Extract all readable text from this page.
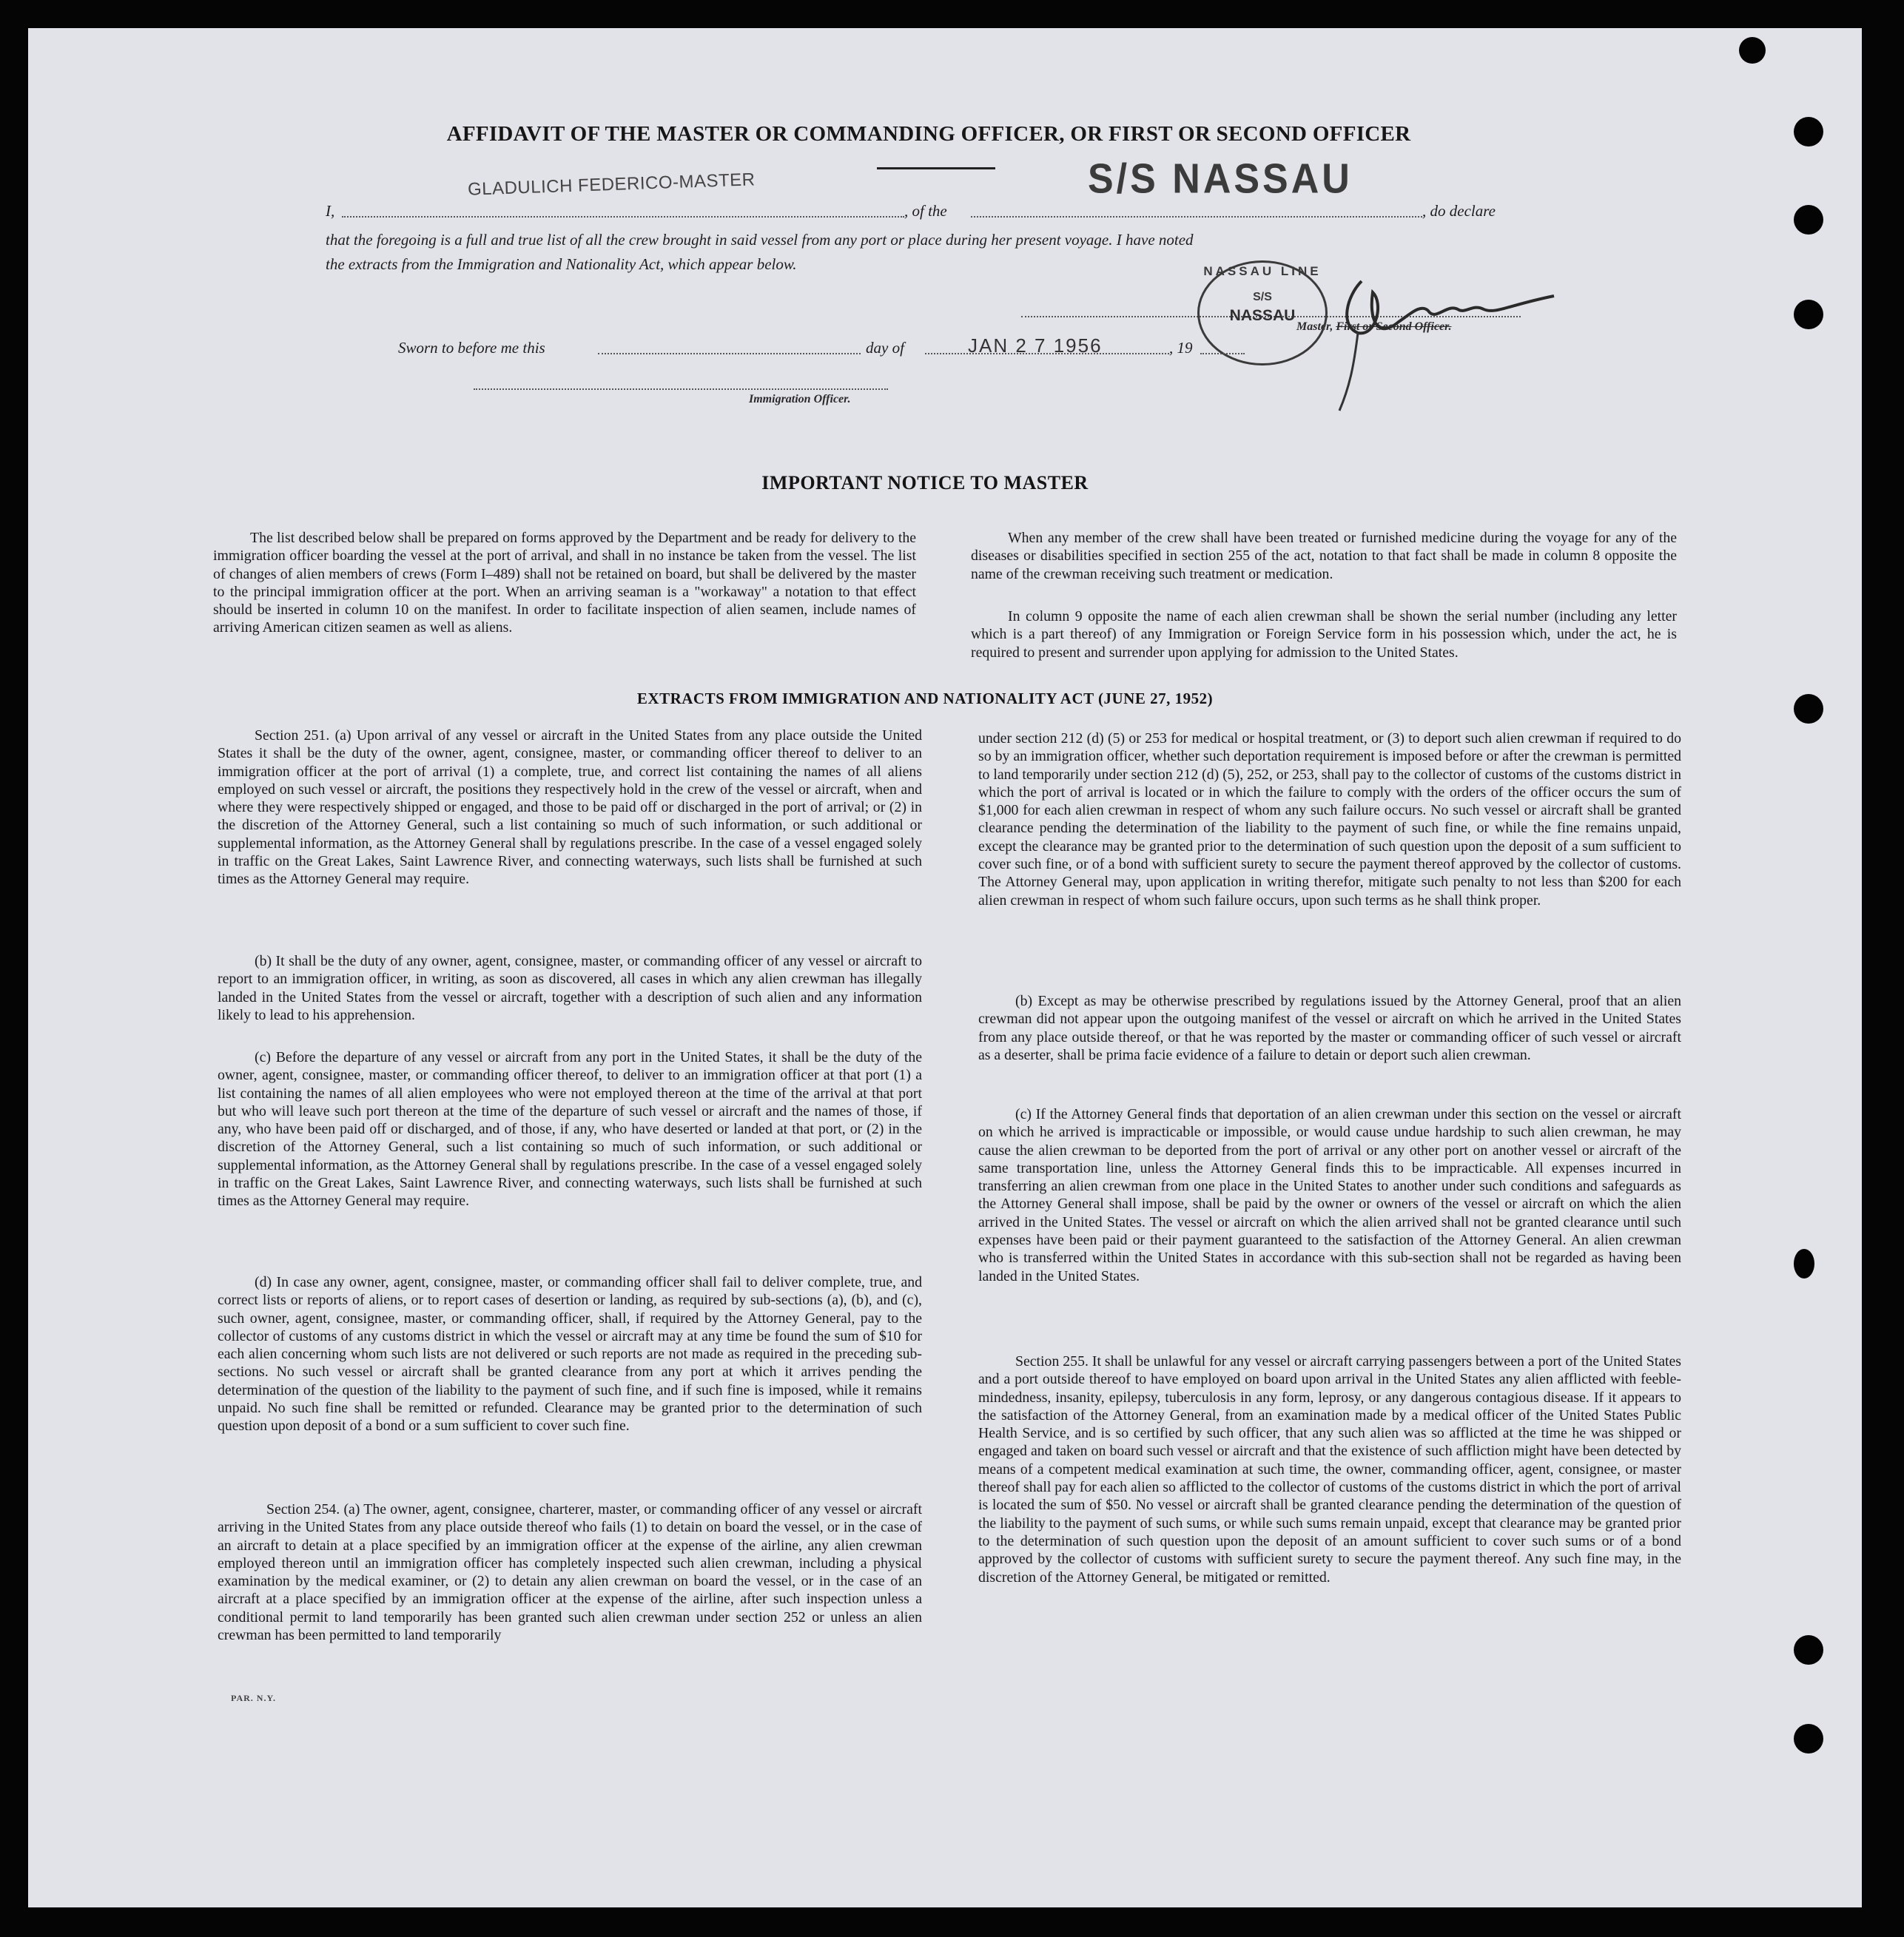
AFFIDAVIT OF THE MASTER OR COMMANDING OFFICER, OR FIRST OR SECOND OFFICER
I,
GLADULICH FEDERICO-MASTER
, of the
S/S NASSAU
, do declare
that the foregoing is a full and true list of all the crew brought in said vessel from any port or place during her present voyage. I have noted
the extracts from the Immigration and Nationality Act, which appear below.
Master, First or Second Officer.
NASSAU LINE
S/S
NASSAU
Sworn to before me this	day of	JAN 2 7 1956	, 19
Immigration Officer.
IMPORTANT NOTICE TO MASTER

The list described below shall be prepared on forms approved by the Department and be ready for delivery to the immigration officer boarding the vessel at the port of arrival, and shall in no instance be taken from the vessel. The list of changes of alien members of crews (Form I–489) shall not be retained on board, but shall be delivered by the master to the principal immigration officer at the port. When an arriving seaman is a "workaway" a notation to that effect should be inserted in column 10 on the manifest. In order to facilitate inspection of alien seamen, include names of arriving American citizen seamen as well as aliens.

When any member of the crew shall have been treated or furnished medicine during the voyage for any of the diseases or disabilities specified in section 255 of the act, notation to that fact shall be made in column 8 opposite the name of the crewman receiving such treatment or medication.

In column 9 opposite the name of each alien crewman shall be shown the serial number (including any letter which is a part thereof) of any Immigration or Foreign Service form in his possession which, under the act, he is required to present and surrender upon applying for admission to the United States.

EXTRACTS FROM IMMIGRATION AND NATIONALITY ACT (JUNE 27, 1952)

Section 251. (a) Upon arrival of any vessel or aircraft in the United States from any place outside the United States it shall be the duty of the owner, agent, consignee, master, or commanding officer thereof to deliver to an immigration officer at the port of arrival (1) a complete, true, and correct list containing the names of all aliens employed on such vessel or aircraft, the positions they respectively hold in the crew of the vessel or aircraft, when and where they were respectively shipped or engaged, and those to be paid off or discharged in the port of arrival; or (2) in the discretion of the Attorney General, such a list containing so much of such information, or such additional or supplemental information, as the Attorney General shall by regulations prescribe. In the case of a vessel engaged solely in traffic on the Great Lakes, Saint Lawrence River, and connecting waterways, such lists shall be furnished at such times as the Attorney General may require.

(b) It shall be the duty of any owner, agent, consignee, master, or commanding officer of any vessel or aircraft to report to an immigration officer, in writing, as soon as discovered, all cases in which any alien crewman has illegally landed in the United States from the vessel or aircraft, together with a description of such alien and any information likely to lead to his apprehension.

(c) Before the departure of any vessel or aircraft from any port in the United States, it shall be the duty of the owner, agent, consignee, master, or commanding officer thereof, to deliver to an immigration officer at that port (1) a list containing the names of all alien employees who were not employed thereon at the time of the arrival at that port but who will leave such port thereon at the time of the departure of such vessel or aircraft and the names of those, if any, who have been paid off or discharged, and of those, if any, who have deserted or landed at that port, or (2) in the discretion of the Attorney General, such a list containing so much of such information, or such additional or supplemental information, as the Attorney General shall by regulations prescribe. In the case of a vessel engaged solely in traffic on the Great Lakes, Saint Lawrence River, and connecting waterways, such lists shall be furnished at such times as the Attorney General may require.

(d) In case any owner, agent, consignee, master, or commanding officer shall fail to deliver complete, true, and correct lists or reports of aliens, or to report cases of desertion or landing, as required by sub-sections (a), (b), and (c), such owner, agent, consignee, master, or commanding officer, shall, if required by the Attorney General, pay to the collector of customs of any customs district in which the vessel or aircraft may at any time be found the sum of $10 for each alien concerning whom such lists are not delivered or such reports are not made as required in the preceding sub-sections. No such vessel or aircraft shall be granted clearance from any port at which it arrives pending the determination of the question of the liability to the payment of such fine, and if such fine is imposed, while it remains unpaid. No such fine shall be remitted or refunded. Clearance may be granted prior to the determination of such question upon deposit of a bond or a sum sufficient to cover such fine.

Section 254. (a) The owner, agent, consignee, charterer, master, or commanding officer of any vessel or aircraft arriving in the United States from any place outside thereof who fails (1) to detain on board the vessel, or in the case of an aircraft to detain at a place specified by an immigration officer at the expense of the airline, any alien crewman employed thereon until an immigration officer has completely inspected such alien crewman, including a physical examination by the medical examiner, or (2) to detain any alien crewman on board the vessel, or in the case of an aircraft at a place specified by an immigration officer at the expense of the airline, after such inspection unless a conditional permit to land temporarily has been granted such alien crewman under section 252 or unless an alien crewman has been permitted to land temporarily

under section 212 (d) (5) or 253 for medical or hospital treatment, or (3) to deport such alien crewman if required to do so by an immigration officer, whether such deportation requirement is imposed before or after the crewman is permitted to land temporarily under section 212 (d) (5), 252, or 253, shall pay to the collector of customs of the customs district in which the port of arrival is located or in which the failure to comply with the orders of the officer occurs the sum of $1,000 for each alien crewman in respect of whom any such failure occurs. No such vessel or aircraft shall be granted clearance pending the determination of the liability to the payment of such fine, or while the fine remains unpaid, except the clearance may be granted prior to the determination of such question upon the deposit of a sum sufficient to cover such fine, or of a bond with sufficient surety to secure the payment thereof approved by the collector of customs. The Attorney General may, upon application in writing therefor, mitigate such penalty to not less than $200 for each alien crewman in respect of whom such failure occurs, upon such terms as he shall think proper.

(b) Except as may be otherwise prescribed by regulations issued by the Attorney General, proof that an alien crewman did not appear upon the outgoing manifest of the vessel or aircraft on which he arrived in the United States from any place outside thereof, or that he was reported by the master or commanding officer of such vessel or aircraft as a deserter, shall be prima facie evidence of a failure to detain or deport such alien crewman.

(c) If the Attorney General finds that deportation of an alien crewman under this section on the vessel or aircraft on which he arrived is impracticable or impossible, or would cause undue hardship to such alien crewman, he may cause the alien crewman to be deported from the port of arrival or any other port on another vessel or aircraft of the same transportation line, unless the Attorney General finds this to be impracticable. All expenses incurred in transferring an alien crewman from one place in the United States to another under such conditions and safeguards as the Attorney General shall impose, shall be paid by the owner or owners of the vessel or aircraft on which the alien arrived in the United States. The vessel or aircraft on which the alien arrived shall not be granted clearance until such expenses have been paid or their payment guaranteed to the satisfaction of the Attorney General. An alien crewman who is transferred within the United States in accordance with this sub-section shall not be regarded as having been landed in the United States.

Section 255. It shall be unlawful for any vessel or aircraft carrying passengers between a port of the United States and a port outside thereof to have employed on board upon arrival in the United States any alien afflicted with feeble-mindedness, insanity, epilepsy, tuberculosis in any form, leprosy, or any dangerous contagious disease. If it appears to the satisfaction of the Attorney General, from an examination made by a medical officer of the United States Public Health Service, and is so certified by such officer, that any such alien was so afflicted at the time he was shipped or engaged and taken on board such vessel or aircraft and that the existence of such affliction might have been detected by means of a competent medical examination at such time, the owner, commanding officer, agent, consignee, or master thereof shall pay for each alien so afflicted to the collector of customs of the customs district in which the port of arrival is located the sum of $50. No vessel or aircraft shall be granted clearance pending the determination of the question of the liability to the payment of such sums, or while such sums remain unpaid, except that clearance may be granted prior to the determination of such question upon the deposit of an amount sufficient to cover such sums or of a bond approved by the collector of customs with sufficient surety to secure the payment thereof. Any such fine may, in the discretion of the Attorney General, be mitigated or remitted.

PAR. N.Y.
